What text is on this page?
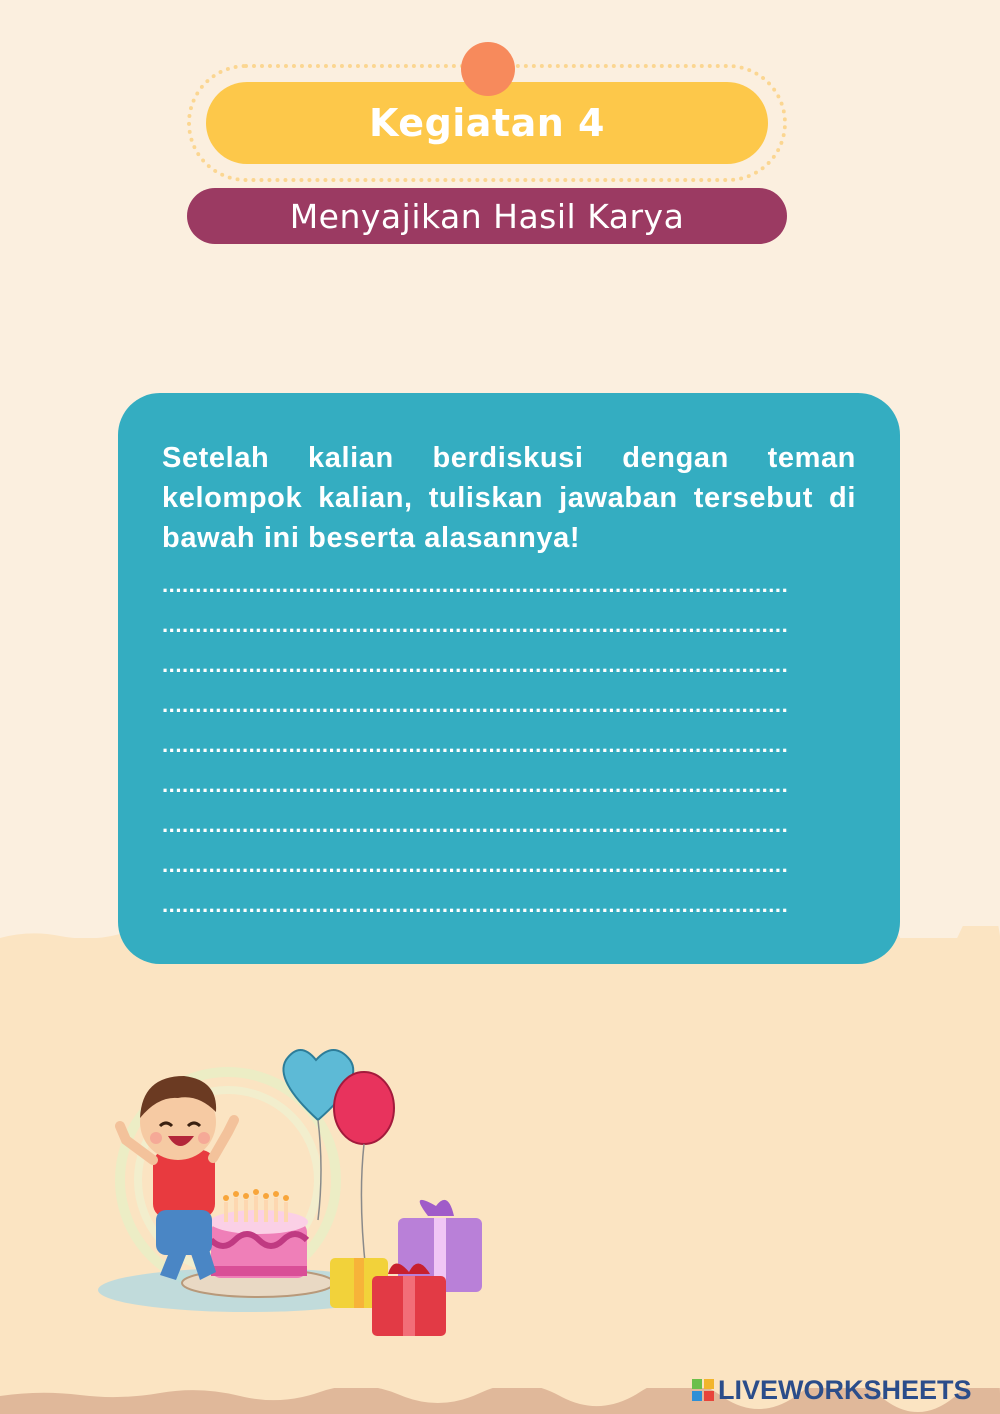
Kegiatan 4
Menyajikan Hasil Karya
Setelah kalian berdiskusi dengan teman kelompok kalian, tuliskan jawaban tersebut di bawah ini beserta alasannya!
..............................................................................................
..............................................................................................
..............................................................................................
..............................................................................................
..............................................................................................
..............................................................................................
..............................................................................................
..............................................................................................
..............................................................................................
LIVEWORKSHEETS
